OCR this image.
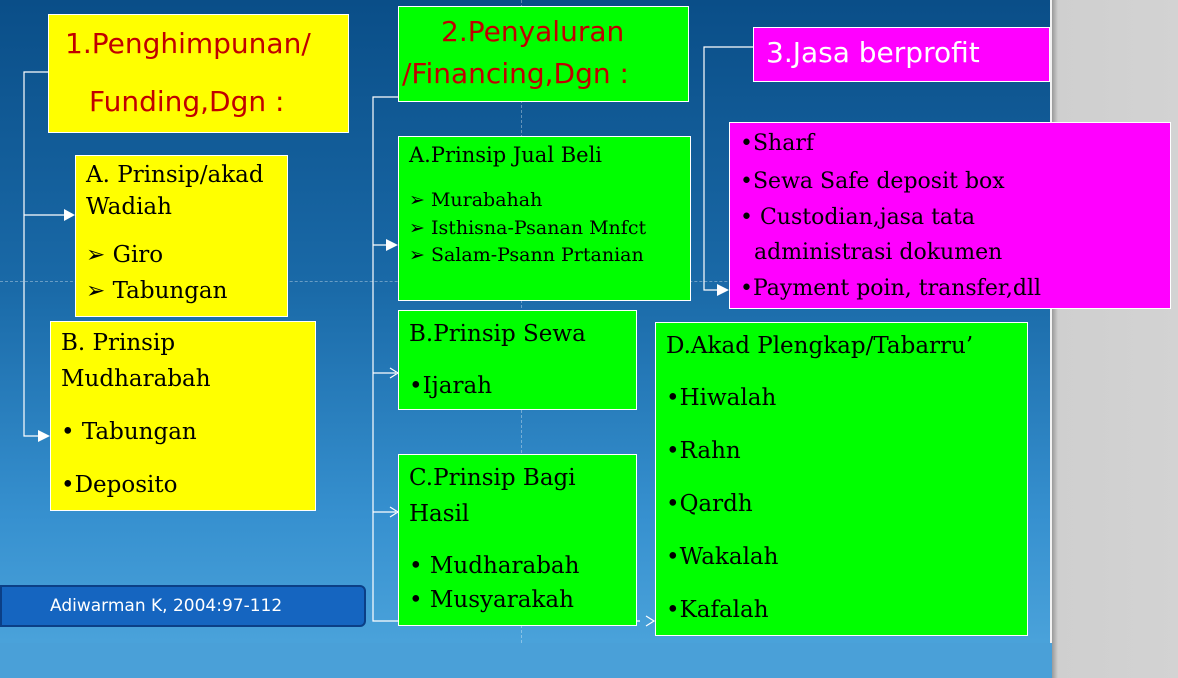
1.Penghimpunan/
Funding,Dgn :
A. Prinsip/akad
Wadiah
➢ Giro
➢ Tabungan
B. Prinsip
Mudharabah
• Tabungan
•Deposito
2.Penyaluran
/Financing,Dgn :
A.Prinsip Jual Beli
➢ Murabahah
➢ Isthisna-Psanan Mnfct
➢ Salam-Psann Prtanian
B.Prinsip Sewa
•Ijarah
C.Prinsip Bagi
Hasil
• Mudharabah
• Musyarakah
D.Akad Plengkap/Tabarru’
•Hiwalah
•Rahn
•Qardh
•Wakalah
•Kafalah
3.Jasa berprofit
Adiwarman K, 2004:97-112
•Sharf
•Sewa Safe deposit box
• Custodian,jasa tata
administrasi dokumen
•Payment poin, transfer,dll
